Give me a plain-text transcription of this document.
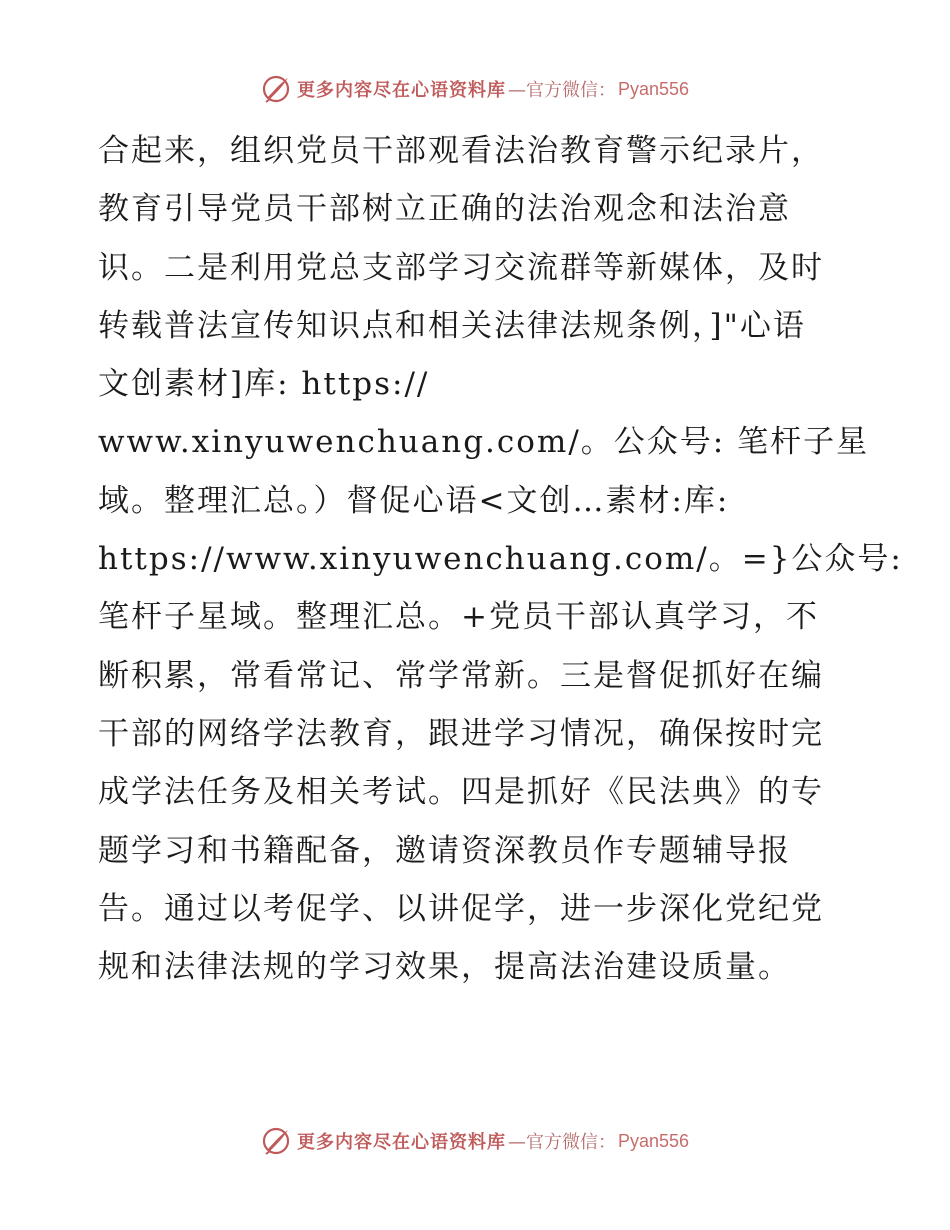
更多内容尽在心语资料库 —官方微信： Pyan556
合起来，组织党员干部观看法治教育警示纪录片，
教育引导党员干部树立正确的法治观念和法治意
识。二是利用党总支部学习交流群等新媒体，及时
转载普法宣传知识点和相关法律法规条例，]"心语
文创素材]库: https://
www.xinyuwenchuang.com/。公众号: 笔杆子星
域。整理汇总。）督促心语<文创…素材:库:
https://www.xinyuwenchuang.com/。=}公众号:
笔杆子星域。整理汇总。+党员干部认真学习，不
断积累，常看常记、常学常新。三是督促抓好在编
干部的网络学法教育，跟进学习情况，确保按时完
成学法任务及相关考试。四是抓好《民法典》的专
题学习和书籍配备，邀请资深教员作专题辅导报
告。通过以考促学、以讲促学，进一步深化党纪党
规和法律法规的学习效果，提高法治建设质量。
更多内容尽在心语资料库 —官方微信： Pyan556
